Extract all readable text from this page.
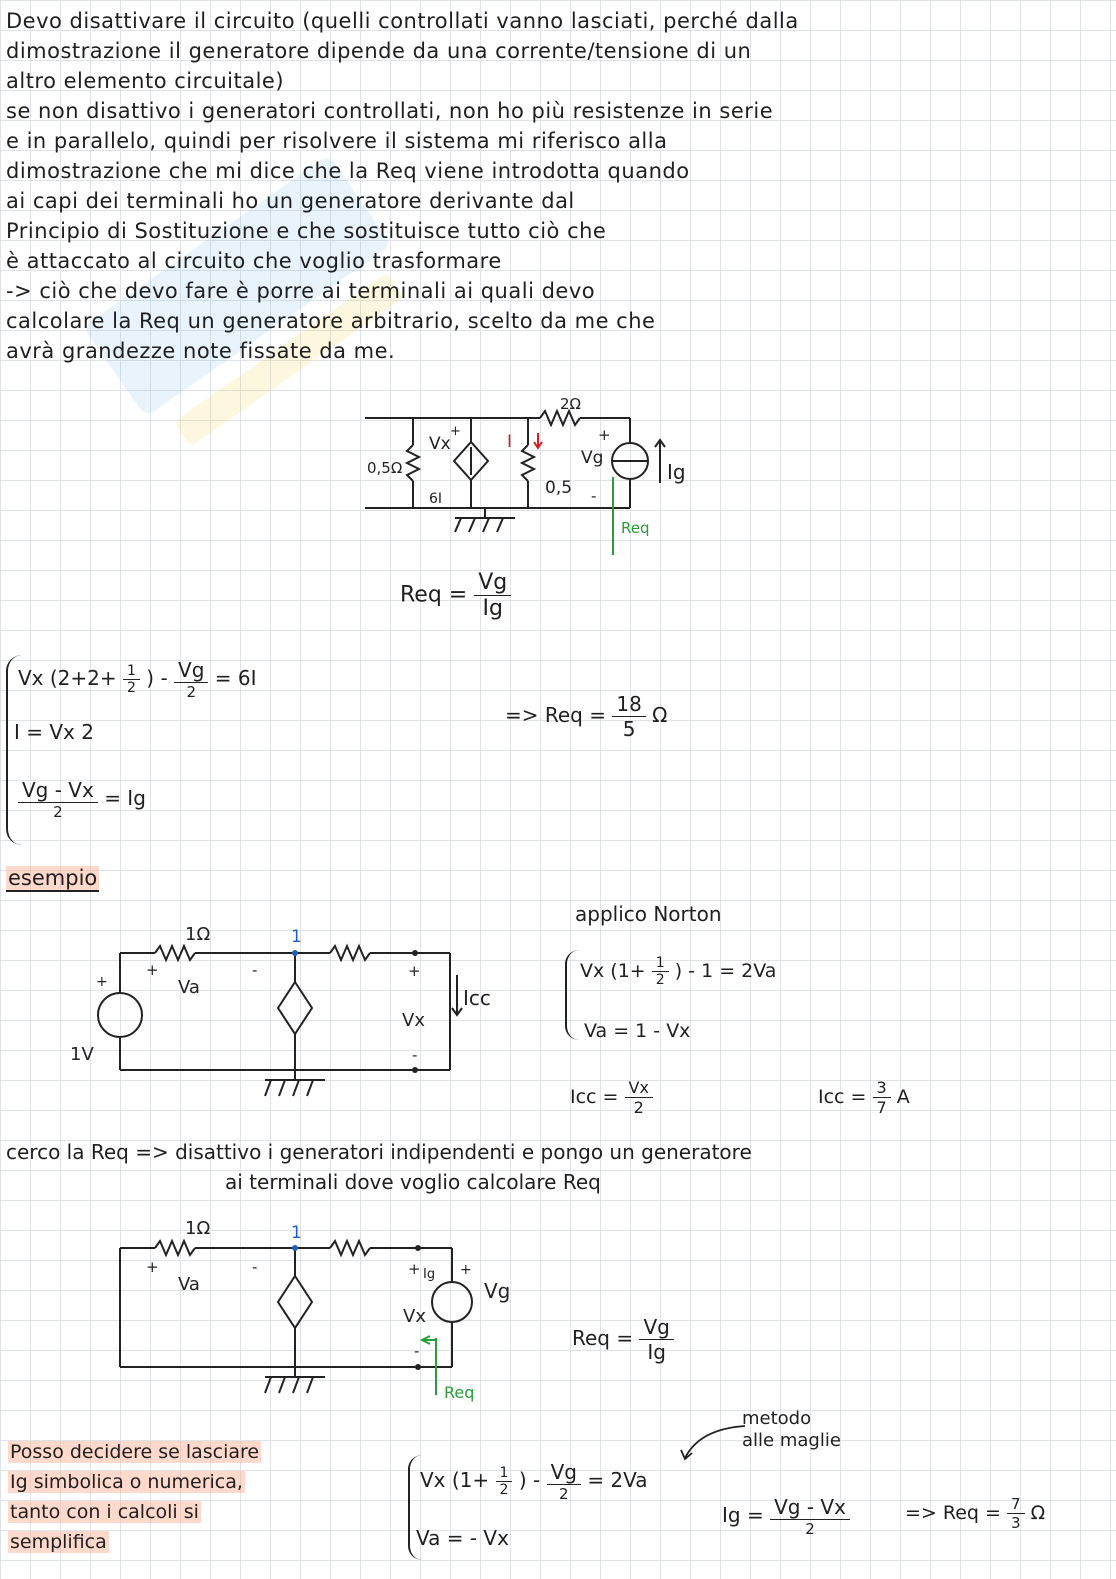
Devo disattivare il circuito (quelli controllati vanno lasciati, perché dalla
dimostrazione il generatore dipende da una corrente/tensione di un
altro elemento circuitale)
se non disattivo i generatori controllati, non ho più resistenze in serie
e in parallelo, quindi per risolvere il sistema mi riferisco alla
dimostrazione che mi dice che la Req viene introdotta quando
ai capi dei terminali ho un generatore derivante dal
Principio di Sostituzione e che sostituisce tutto ciò che
è attaccato al circuito che voglio trasformare
-> ciò che devo fare è porre ai terminali ai quali devo
calcolare la Req un generatore arbitrario, scelto da me che
avrà grandezze note fissate da me.
0,5Ω
Vx
+
6I
I
0,5
2Ω
+
Vg
-
Ig
Req
Req = $\frac{Vg}{Ig}$
Vx ($2+2+ \frac{1}{2}$ ) - $\frac{Vg}{2} = 6I$
I = Vx 2
$\frac{Vg - Vx}{2} = Ig$
=> Req = $\frac{18}{5}$ Ω
esempio
1Ω
+
Va
-
1
+
Vx
-
Icc
+
1V
applico Norton
Vx ($1+ \frac{1}{2}$ ) - 1 = 2Va
Va = 1 - Vx
Icc = $\frac{Vx}{2}$	Icc = $\frac{3}{7}$ A
cerco la Req => disattivo i generatori indipendenti e pongo un generatore
ai terminali dove voglio calcolare Req
1Ω
+
Va
-
1
+
Vx
-
Ig +
Vg
Req
Req = $\frac{Vg}{Ig}$
Posso decidere se lasciare
Ig simbolica o numerica,
tanto con i calcoli si
semplifica
metodo
alle maglie
Vx ($1+ \frac{1}{2}$ ) - $\frac{Vg}{2} = 2Va$
Va = - Vx
$Ig = \frac{Vg - Vx}{2}$	=> Req = $\frac{7}{3}$ Ω
